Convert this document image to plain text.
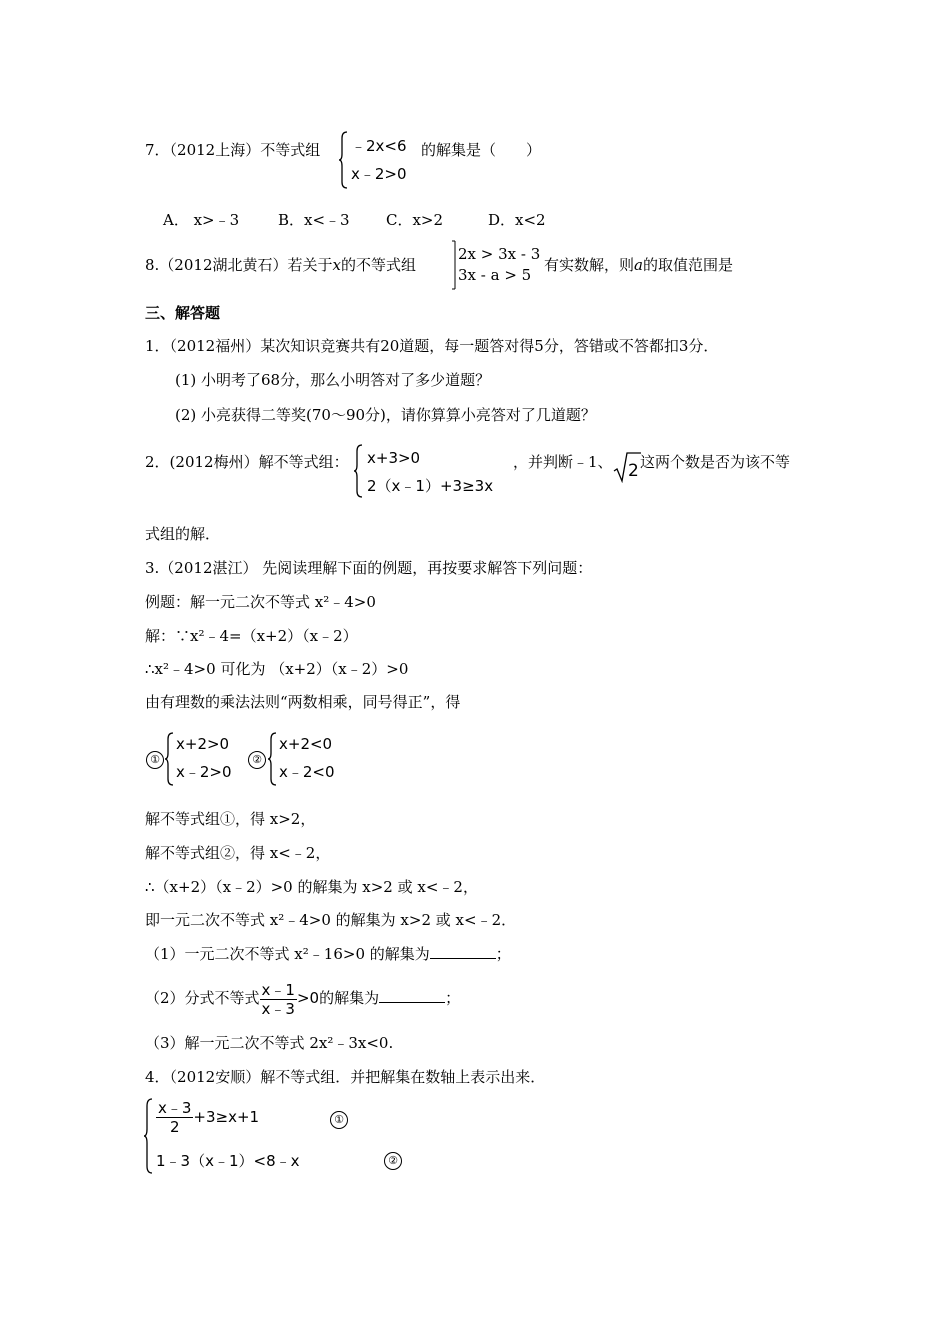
7．（2012上海）不等式组 ﹣2x<6
x﹣2>0
的解集是（　　）
A． x>﹣3	B．x<﹣3 C．x>2	D．x<2
8.（2012湖北黄石）若关于x的不等式组
2x > 3x - 3
3x - a > 5
有实数解，则a的取值范围是
三、解答题
1．（2012福州）某次知识竞赛共有20道题，每一题答对得5分，答错或不答都扣3分．
(1) 小明考了68分，那么小明答对了多少道题？
(2) 小亮获得二等奖(70～90分)，请你算算小亮答对了几道题？
2．(2012梅州）解不等式组： x+3>0
2（x﹣1）+3≥3x
，并判断﹣1、 2 这两个数是否为该不等
式组的解．
3.（2012湛江） 先阅读理解下面的例题，再按要求解答下列问题：
例题：解一元二次不等式 x²﹣4>0
解：∵x²﹣4=（x+2）（x﹣2）
∴x²﹣4>0 可化为 （x+2）（x﹣2）>0
由有理数的乘法法则“两数相乘，同号得正”，得
①
x+2>0
x﹣2>0
②
x+2<0
x﹣2<0
解不等式组①，得 x>2，
解不等式组②，得 x<﹣2，
∴（x+2）（x﹣2）>0 的解集为 x>2 或 x<﹣2，
即一元二次不等式 x²﹣4>0 的解集为 x>2 或 x<﹣2．
（1）一元二次不等式 x²﹣16>0 的解集为	；
（2）分式不等式 $\frac{x﹣1}{x﹣3} >0$的解集为	；
（3）解一元二次不等式 2x²﹣3x<0.
4．（2012安顺）解不等式组．并把解集在数轴上表示出来．
$\frac{x﹣3}{2} +3\ge x+1$	①
1﹣3（x﹣1）<8﹣x	②
